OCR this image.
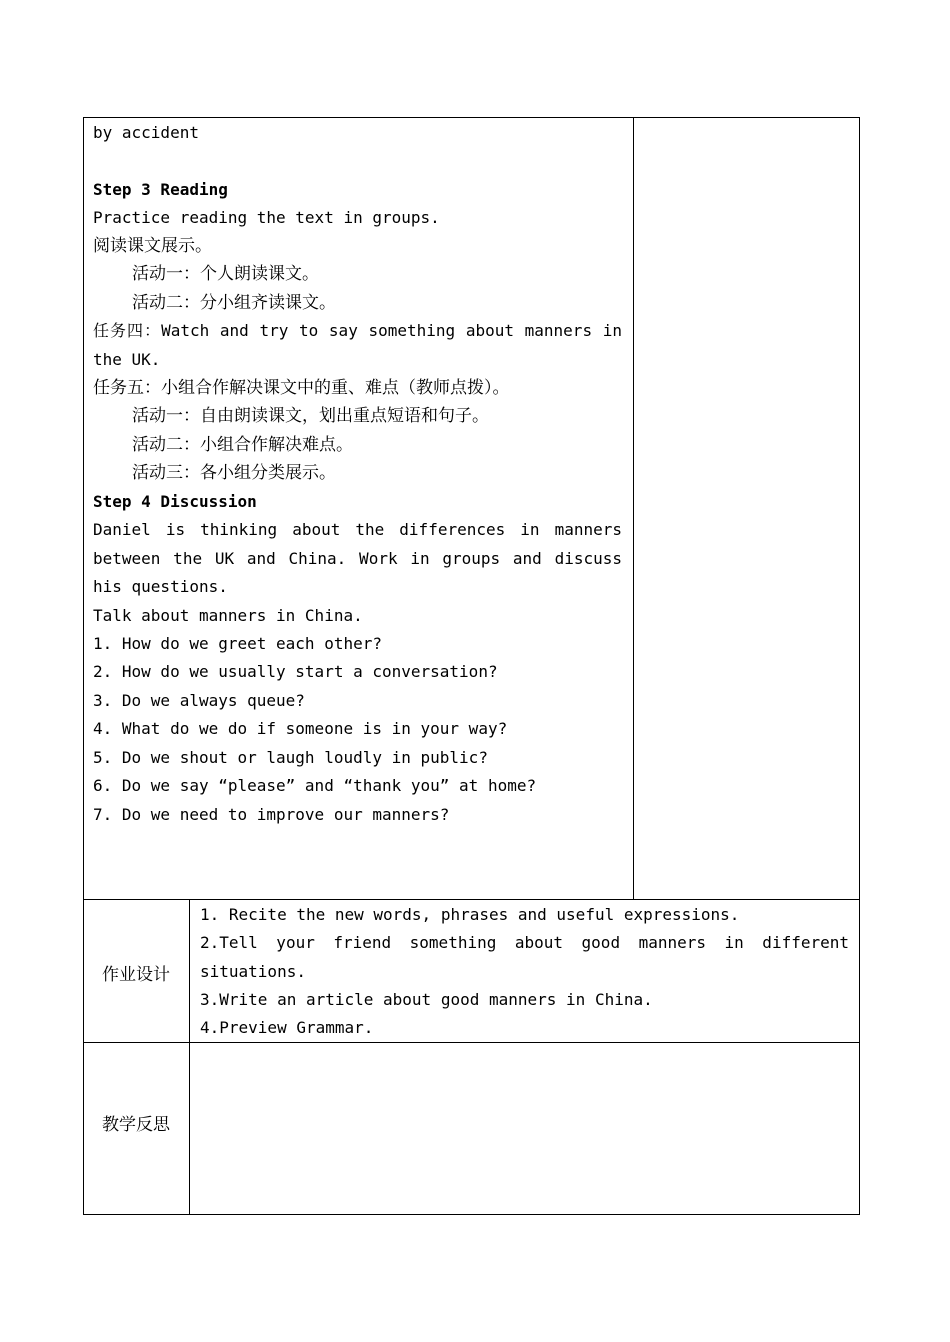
by accident
Step 3 Reading
Practice reading the text in groups.
阅读课文展示。
活动一：个人朗读课文。
活动二：分小组齐读课文。
任务四：Watch and try to say something about manners in
the UK.
任务五：小组合作解决课文中的重、难点（教师点拨）。
活动一：自由朗读课文，划出重点短语和句子。
活动二：小组合作解决难点。
活动三：各小组分类展示。
Step 4 Discussion
Daniel is thinking about the differences in manners
between the UK and China. Work in groups and discuss
his questions.
Talk about manners in China.
1. How do we greet each other?
2. How do we usually start a conversation?
3. Do we always queue?
4. What do we do if someone is in your way?
5. Do we shout or laugh loudly in public?
6. Do we say “please” and “thank you” at home?
7. Do we need to improve our manners?
作业设计
1. Recite the new words, phrases and useful expressions.
2.Tell your friend something about good manners in different
situations.
3.Write an article about good manners in China.
4.Preview Grammar.
教学反思
